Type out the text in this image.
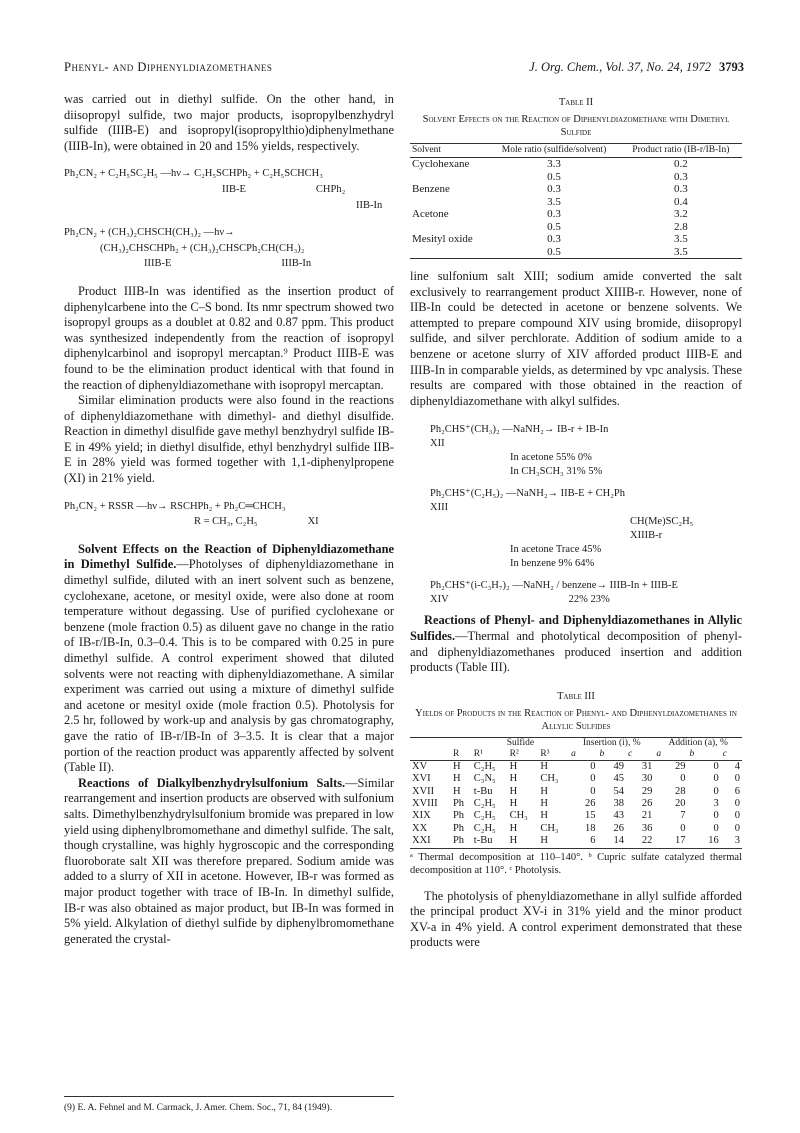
Phenyl- and Diphenyldiazomethanes	J. Org. Chem., Vol. 37, No. 24, 1972 3793

was carried out in diethyl sulfide. On the other hand, in diisopropyl sulfide, two major products, isopropylbenzhydryl sulfide (IIIB-E) and isopropyl(isopropylthio)diphenylmethane (IIIB-In), were obtained in 20 and 15% yields, respectively.

Ph₂CN₂ + C₂H₅SC₂H₅ —hν→ C₂H₅SCHPh₂ + C₂H₅SCHCH₃
IIB-E	CHPh₂
IIB-In
Ph₂CN₂ + (CH₃)₂CHSCH(CH₃)₂ —hν→
(CH₃)₂CHSCHPh₂ + (CH₃)₂CHSCPh₂CH(CH₃)₂
IIIB-E	IIIB-In

Product IIIB-In was identified as the insertion product of diphenylcarbene into the C–S bond. Its nmr spectrum showed two isopropyl groups as a doublet at 0.82 and 0.87 ppm. This product was synthesized independently from the reaction of isopropyl diphenylcarbinol and isopropyl mercaptan.⁹ Product IIIB-E was found to be the elimination product identical with that found in the reaction of diphenyldiazomethane with isopropyl mercaptan.

Similar elimination products were also found in the reactions of diphenyldiazomethane with dimethyl- and diethyl disulfide. Reaction in dimethyl disulfide gave methyl benzhydryl sulfide IB-E in 49% yield; in diethyl disulfide, ethyl benzhydryl sulfide IIB-E in 28% yield was formed together with 1,1-diphenylpropene (XI) in 21% yield.

Ph₂CN₂ + RSSR —hν→ RSCHPh₂ + Ph₂C═CHCH₃
R = CH₃, C₂H₅	XI

Solvent Effects on the Reaction of Diphenyldiazomethane in Dimethyl Sulfide.—Photolyses of diphenyldiazomethane in dimethyl sulfide, diluted with an inert solvent such as benzene, cyclohexane, acetone, or mesityl oxide, were also done at room temperature without degassing. Use of purified cyclohexane or benzene (mole fraction 0.5) as diluent gave no change in the ratio of IB-r/IB-In, 0.3–0.4. This is to be compared with 0.25 in pure dimethyl sulfide. A control experiment showed that diluted solvents were not reacting with diphenyldiazomethane. A similar experiment was carried out using a mixture of dimethyl sulfide and acetone or mesityl oxide (mole fraction 0.5). Photolysis for 2.5 hr, followed by work-up and analysis by gas chromatography, gave the ratio of IB-r/IB-In of 3–3.5. It is clear that a major portion of the reaction product was apparently affected by solvent (Table II).

Reactions of Dialkylbenzhydrylsulfonium Salts.—Similar rearrangement and insertion products are observed with sulfonium salts. Dimethylbenzhydrylsulfonium bromide was prepared in low yield using diphenylbromomethane and dimethyl sulfide. The salt, though crystalline, was highly hygroscopic and the corresponding fluoroborate salt XII was therefore prepared. Sodium amide was added to a slurry of XII in acetone. However, IB-r was formed as major product together with trace of IB-In. In dimethyl sulfide, IB-r was also obtained as major product, but IB-In was formed in 5% yield. Alkylation of diethyl sulfide by diphenylbromomethane generated the crystal-

(9) E. A. Fehnel and M. Carmack, J. Amer. Chem. Soc., 71, 84 (1949).
Table II
Solvent Effects on the Reaction of Diphenyldiazomethane with Dimethyl Sulfide
Solvent	Mole ratio (sulfide/solvent)	Product ratio (IB-r/IB-In)
Cyclohexane	3.3	0.2
	0.5	0.3
Benzene	0.3	0.3
	3.5	0.4
Acetone	0.3	3.2
	0.5	2.8
Mesityl oxide	0.3	3.5
	0.5	3.5

line sulfonium salt XIII; sodium amide converted the salt exclusively to rearrangement product XIIIB-r. However, none of IIB-In could be detected in acetone or benzene solvents. We attempted to prepare compound XIV using bromide, diisopropyl sulfide, and silver perchlorate. Addition of sodium amide to a benzene or acetone slurry of XIV afforded product IIIB-E and IIIB-In in comparable yields, as determined by vpc analysis. These results are compared with those obtained in the reaction of diphenyldiazomethane with alkyl sulfides.

Ph₂CHS⁺(CH₃)₂ —NaNH₂→ IB-r + IB-In
XII
In acetone 55% 0%
In CH₃SCH₃ 31% 5%
Ph₂CHS⁺(C₂H₅)₂ —NaNH₂→ IIB-E + CH₂Ph
XIII
CH(Me)SC₂H₅
XIIIB-r
In acetone Trace 45%
In benzene 9% 64%
Ph₂CHS⁺(i-C₃H₇)₂ —NaNH₂ / benzene→ IIIB-In + IIIB-E
XIV	22% 23%

Reactions of Phenyl- and Diphenyldiazomethanes in Allylic Sulfides.—Thermal and photolytical decomposition of phenyl- and diphenyldiazomethanes produced insertion and addition products (Table III).

Table III
Yields of Products in the Reaction of Phenyl- and Diphenyldiazomethanes in Allylic Sulfides
		Sulfide			Insertion (i), %			Addition (a), %		
	R	R¹	R²	R³	a	b	c	a	b	c
XV	H	C₂H₅	H	H	0	49	31	29	0	4
XVI	H	C₃N₅	H	CH₃	0	45	30	0	0	0
XVII	H	t-Bu	H	H	0	54	29	28	0	6
XVIII	Ph	C₂H₅	H	H	26	38	26	20	3	0
XIX	Ph	C₂H₅	CH₃	H	15	43	21	7	0	0
XX	Ph	C₂H₅	H	CH₃	18	26	36	0	0	0
XXI	Ph	t-Bu	H	H	6	14	22	17	16	3
ᵃ Thermal decomposition at 110–140°. ᵇ Cupric sulfate catalyzed thermal decomposition at 110°. ᶜ Photolysis.

The photolysis of phenyldiazomethane in allyl sulfide afforded the principal product XV-i in 31% yield and the minor product XV-a in 4% yield. A control experiment demonstrated that these products were
